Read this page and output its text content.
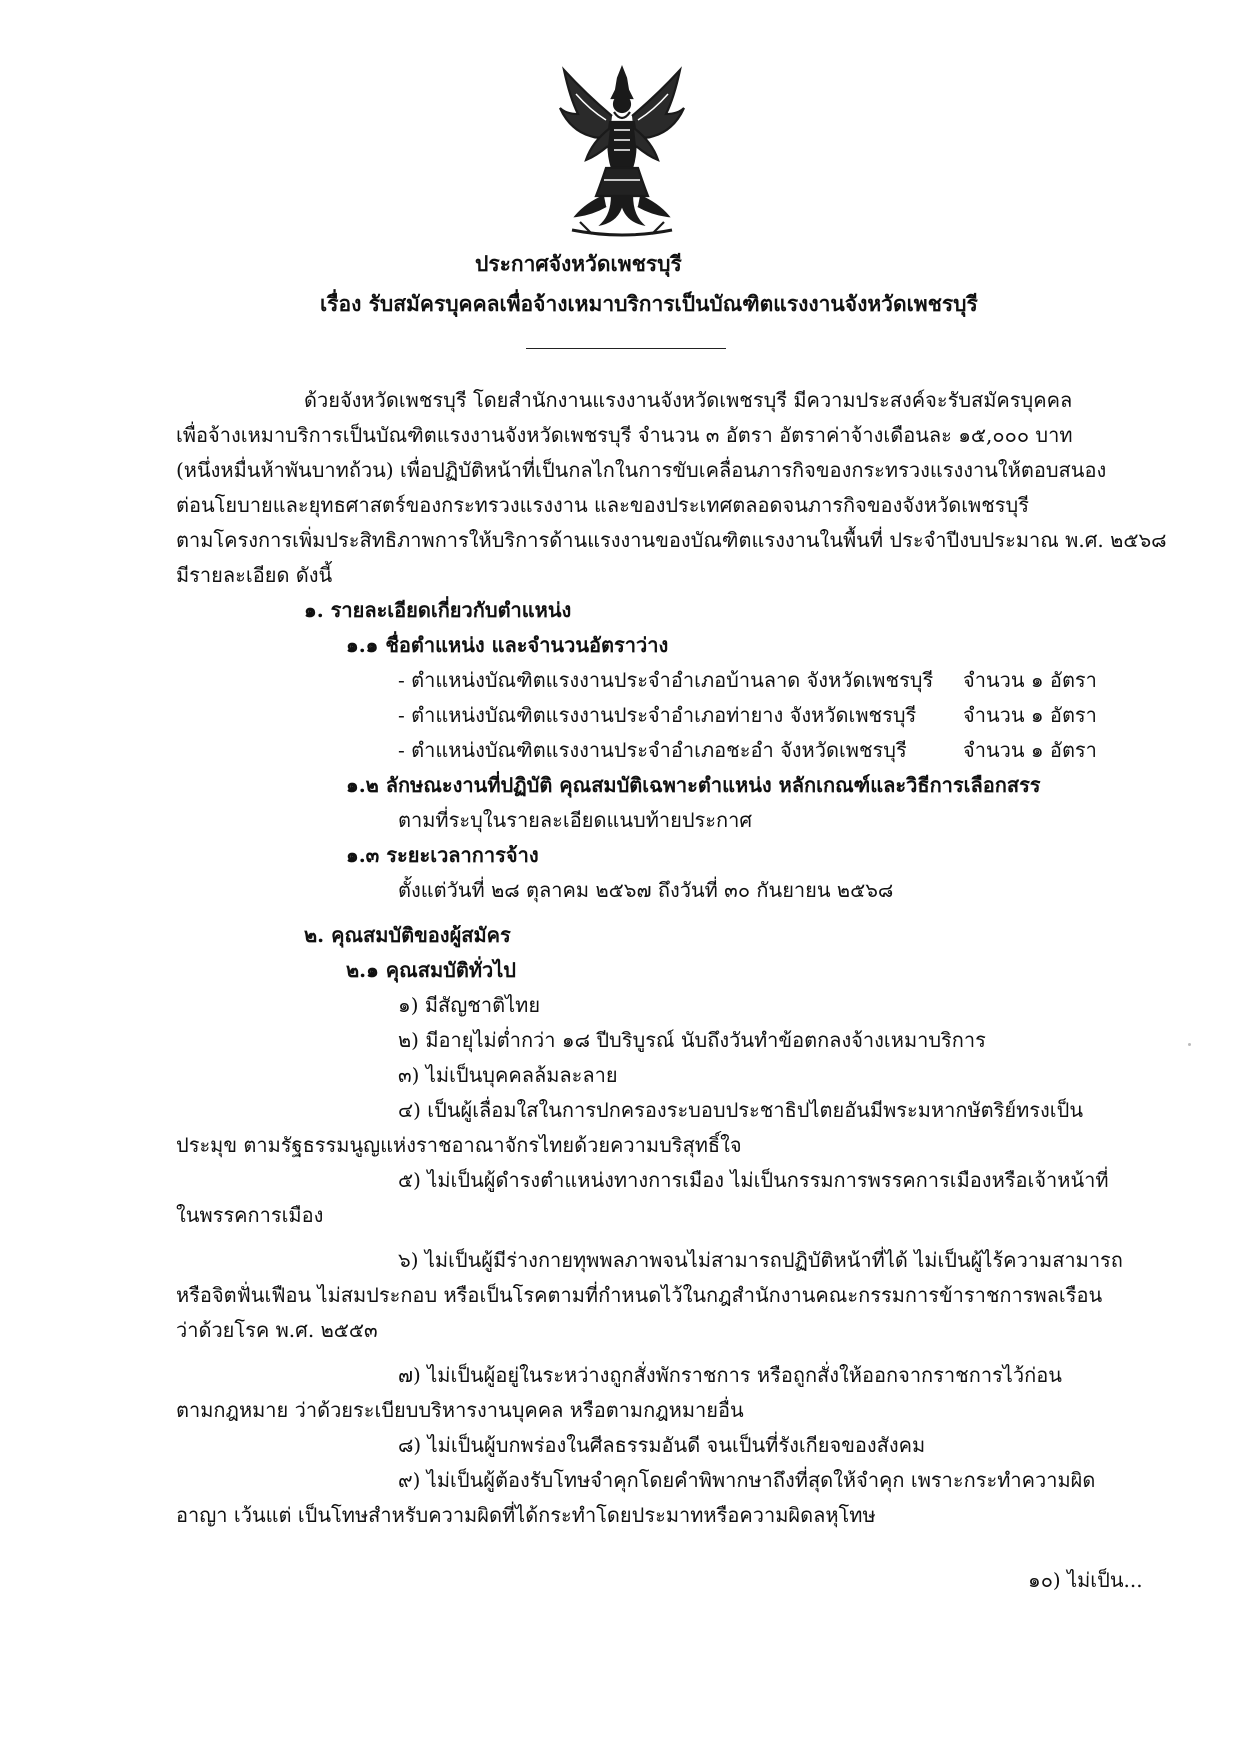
ประกาศจังหวัดเพชรบุรี
เรื่อง รับสมัครบุคคลเพื่อจ้างเหมาบริการเป็นบัณฑิตแรงงานจังหวัดเพชรบุรี
ด้วยจังหวัดเพชรบุรี โดยสำนักงานแรงงานจังหวัดเพชรบุรี มีความประสงค์จะรับสมัครบุคคล
เพื่อจ้างเหมาบริการเป็นบัณฑิตแรงงานจังหวัดเพชรบุรี จำนวน ๓ อัตรา อัตราค่าจ้างเดือนละ ๑๕,๐๐๐ บาท
(หนึ่งหมื่นห้าพันบาทถ้วน) เพื่อปฏิบัติหน้าที่เป็นกลไกในการขับเคลื่อนภารกิจของกระทรวงแรงงานให้ตอบสนอง
ต่อนโยบายและยุทธศาสตร์ของกระทรวงแรงงาน และของประเทศตลอดจนภารกิจของจังหวัดเพชรบุรี
ตามโครงการเพิ่มประสิทธิภาพการให้บริการด้านแรงงานของบัณฑิตแรงงานในพื้นที่ ประจำปีงบประมาณ พ.ศ. ๒๕๖๘
มีรายละเอียด ดังนี้
๑. รายละเอียดเกี่ยวกับตำแหน่ง
๑.๑ ชื่อตำแหน่ง และจำนวนอัตราว่าง
- ตำแหน่งบัณฑิตแรงงานประจำอำเภอบ้านลาด จังหวัดเพชรบุรี จำนวน ๑ อัตรา
- ตำแหน่งบัณฑิตแรงงานประจำอำเภอท่ายาง จังหวัดเพชรบุรี จำนวน ๑ อัตรา
- ตำแหน่งบัณฑิตแรงงานประจำอำเภอชะอำ จังหวัดเพชรบุรี	จำนวน ๑ อัตรา
๑.๒ ลักษณะงานที่ปฏิบัติ คุณสมบัติเฉพาะตำแหน่ง หลักเกณฑ์และวิธีการเลือกสรร
ตามที่ระบุในรายละเอียดแนบท้ายประกาศ
๑.๓ ระยะเวลาการจ้าง
ตั้งแต่วันที่ ๒๘ ตุลาคม ๒๕๖๗ ถึงวันที่ ๓๐ กันยายน ๒๕๖๘
๒. คุณสมบัติของผู้สมัคร
๒.๑ คุณสมบัติทั่วไป
๑) มีสัญชาติไทย
๒) มีอายุไม่ต่ำกว่า ๑๘ ปีบริบูรณ์ นับถึงวันทำข้อตกลงจ้างเหมาบริการ
๓) ไม่เป็นบุคคลล้มละลาย
๔) เป็นผู้เลื่อมใสในการปกครองระบอบประชาธิปไตยอันมีพระมหากษัตริย์ทรงเป็น
ประมุข ตามรัฐธรรมนูญแห่งราชอาณาจักรไทยด้วยความบริสุทธิ์ใจ
๕) ไม่เป็นผู้ดำรงตำแหน่งทางการเมือง ไม่เป็นกรรมการพรรคการเมืองหรือเจ้าหน้าที่
ในพรรคการเมือง
๖) ไม่เป็นผู้มีร่างกายทุพพลภาพจนไม่สามารถปฏิบัติหน้าที่ได้ ไม่เป็นผู้ไร้ความสามารถ
หรือจิตฟั่นเฟือน ไม่สมประกอบ หรือเป็นโรคตามที่กำหนดไว้ในกฎสำนักงานคณะกรรมการข้าราชการพลเรือน
ว่าด้วยโรค พ.ศ. ๒๕๕๓
๗) ไม่เป็นผู้อยู่ในระหว่างถูกสั่งพักราชการ หรือถูกสั่งให้ออกจากราชการไว้ก่อน
ตามกฎหมาย ว่าด้วยระเบียบบริหารงานบุคคล หรือตามกฎหมายอื่น
๘) ไม่เป็นผู้บกพร่องในศีลธรรมอันดี จนเป็นที่รังเกียจของสังคม
๙) ไม่เป็นผู้ต้องรับโทษจำคุกโดยคำพิพากษาถึงที่สุดให้จำคุก เพราะกระทำความผิด
อาญา เว้นแต่ เป็นโทษสำหรับความผิดที่ได้กระทำโดยประมาทหรือความผิดลหุโทษ
๑๐) ไม่เป็น...
